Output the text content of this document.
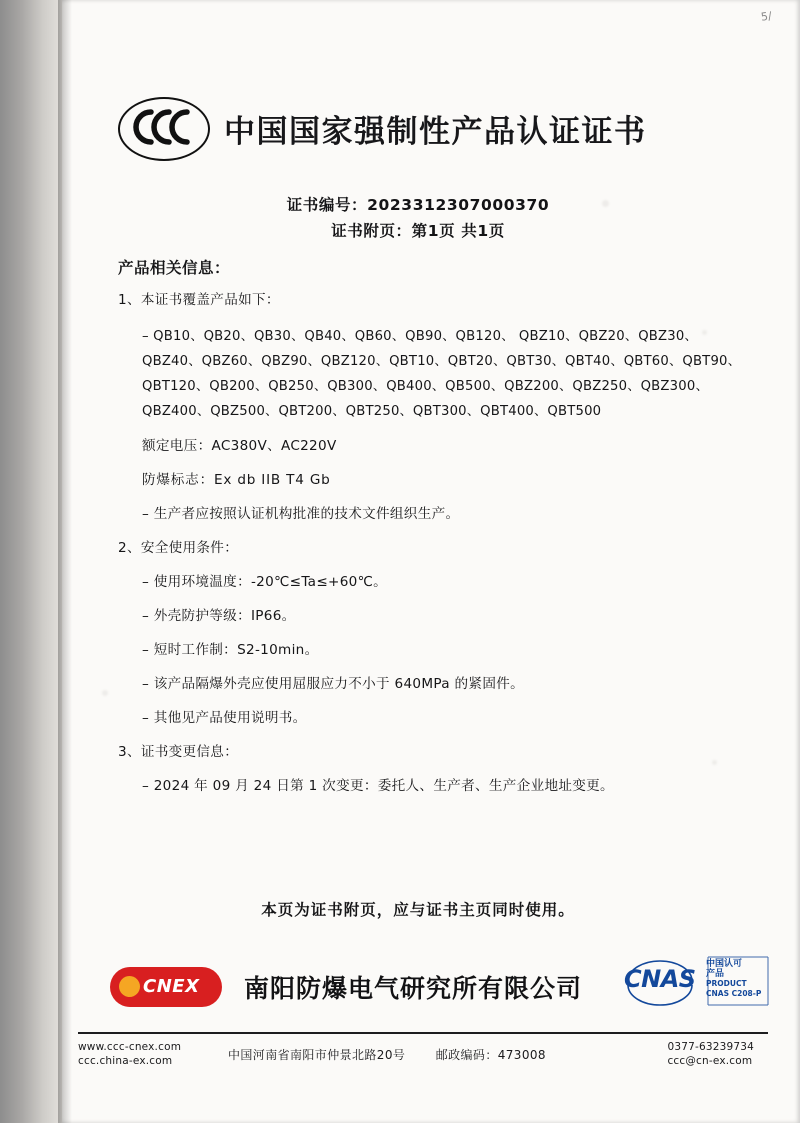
5/
中国国家强制性产品认证证书
证书编号：2023312307000370
证书附页：第1页 共1页
产品相关信息：
1、本证书覆盖产品如下：
– QB10、QB20、QB30、QB40、QB60、QB90、QB120、 QBZ10、QBZ20、QBZ30、
QBZ40、QBZ60、QBZ90、QBZ120、QBT10、QBT20、QBT30、QBT40、QBT60、QBT90、
QBT120、QB200、QB250、QB300、QB400、QB500、QBZ200、QBZ250、QBZ300、
QBZ400、QBZ500、QBT200、QBT250、QBT300、QBT400、QBT500
额定电压：AC380V、AC220V
防爆标志：Ex db ⅠⅠB T4 Gb
– 生产者应按照认证机构批准的技术文件组织生产。
2、安全使用条件：
– 使用环境温度：-20℃≤Ta≤+60℃。
– 外壳防护等级：IP66。
– 短时工作制：S2-10min。
– 该产品隔爆外壳应使用屈服应力不小于 640MPa 的紧固件。
– 其他见产品使用说明书。
3、证书变更信息：
– 2024 年 09 月 24 日第 1 次变更：委托人、生产者、生产企业地址变更。
本页为证书附页，应与证书主页同时使用。
CNEX 南阳防爆电气研究所有限公司 CNAS
中国认可
产品
PRODUCT
CNAS C208-P
www.ccc-cnex.com
ccc.china-ex.com	中国河南省南阳市仲景北路20号	邮政编码：473008
0377-63239734
ccc@cn-ex.com
